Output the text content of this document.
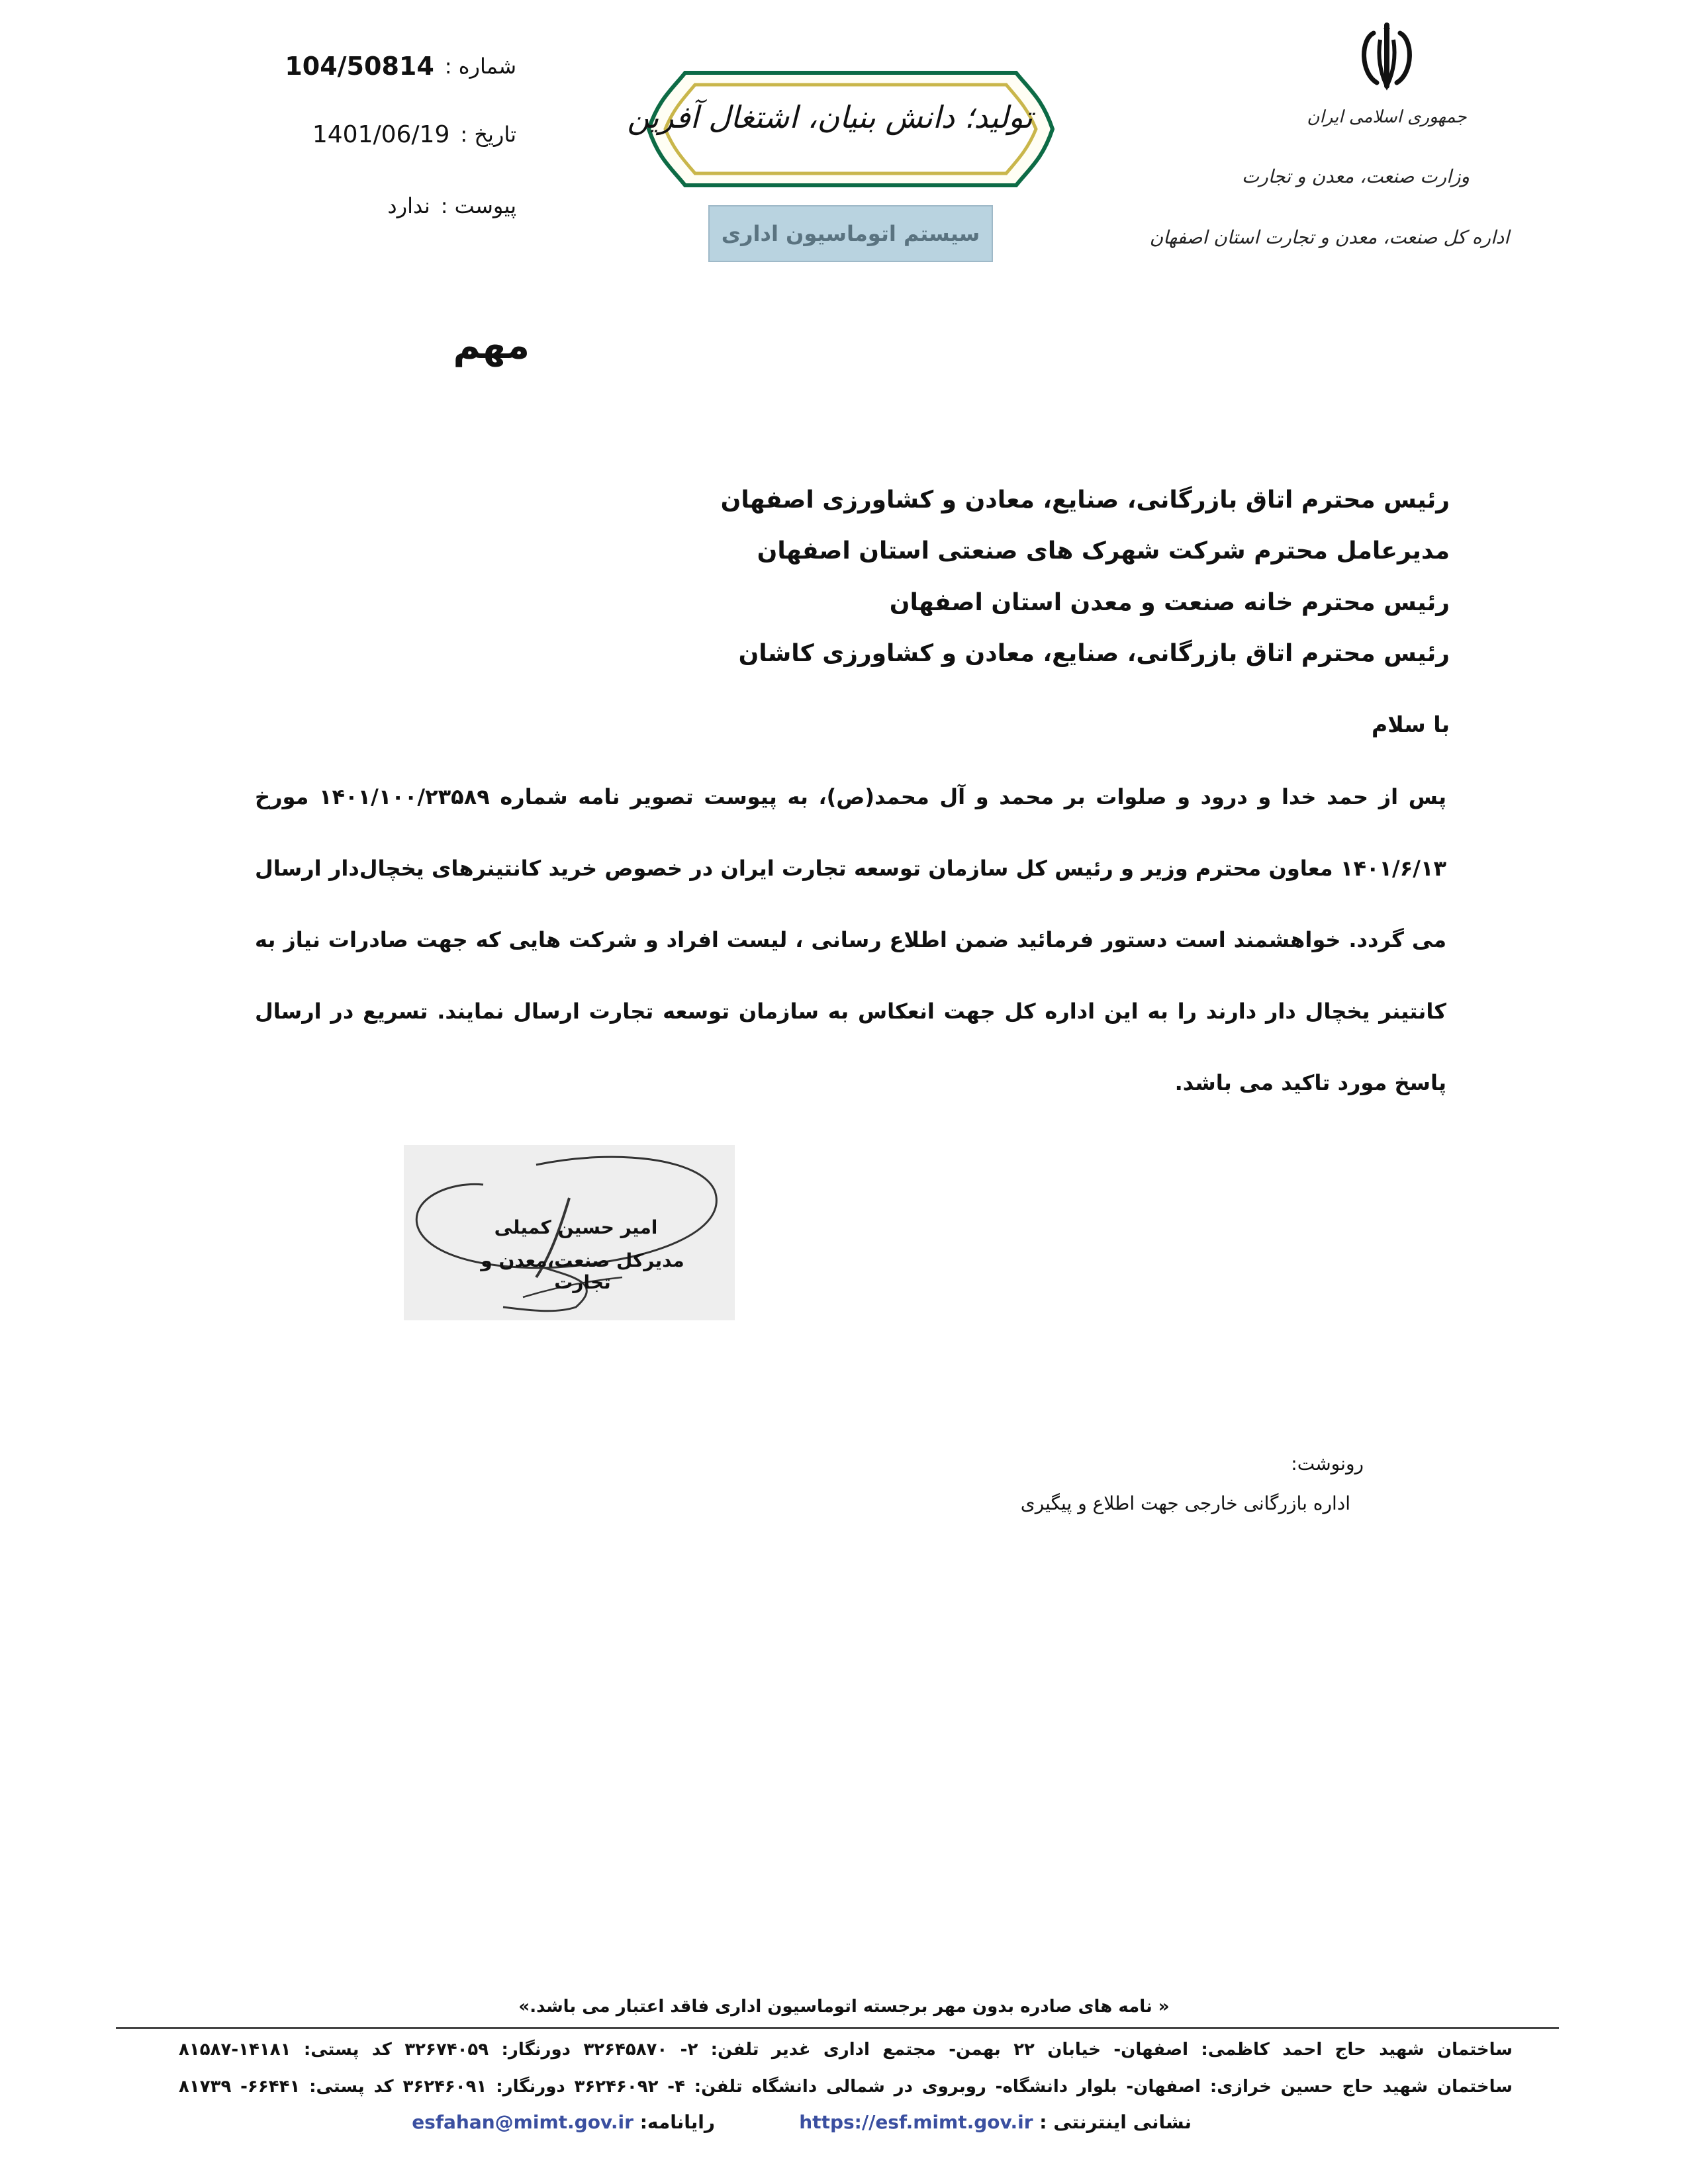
جمهوری اسلامی ایران
وزارت صنعت، معدن و تجارت
اداره کل صنعت، معدن و تجارت استان اصفهان
تولید؛ دانش بنیان، اشتغال آفرین
سیستم اتوماسیون اداری
شماره :
104/50814
تاریخ :
1401/06/19
پیوست :
ندارد
مهم
رئیس محترم اتاق بازرگانی، صنایع، معادن و کشاورزی اصفهان
مدیرعامل محترم شرکت شهرک های صنعتی استان اصفهان
رئیس محترم خانه صنعت و معدن استان اصفهان
رئیس محترم اتاق بازرگانی، صنایع، معادن و کشاورزی کاشان
با سلام
پس از حمد خدا و درود و صلوات بر محمد و آل محمد(ص)، به پیوست تصویر نامه شماره ۱۴۰۱/۱۰۰/۲۳۵۸۹ مورخ ۱۴۰۱/۶/۱۳ معاون محترم وزیر و رئیس کل سازمان توسعه تجارت ایران در خصوص خرید کانتینرهای یخچال‌دار ارسال می گردد. خواهشمند است دستور فرمائید ضمن اطلاع رسانی ، لیست افراد و شرکت هایی که جهت صادرات نیاز به کانتینر یخچال دار دارند را به این اداره کل جهت انعکاس به سازمان توسعه تجارت ارسال نمایند. تسریع در ارسال پاسخ مورد تاکید می باشد.
امیر حسین کمیلی
مدیرکل صنعت،معدن و تجارت
رونوشت:
اداره بازرگانی خارجی جهت اطلاع و پیگیری
« نامه های صادره بدون مهر برجسته اتوماسیون اداری فاقد اعتبار می باشد.»
ساختمان شهید حاج احمد کاظمی: اصفهان- خیابان ۲۲ بهمن- مجتمع اداری غدیر تلفن: ۲- ۳۲۶۴۵۸۷۰ دورنگار: ۳۲۶۷۴۰۵۹ کد پستی: ۱۴۱۸۱-۸۱۵۸۷
ساختمان شهید حاج حسین خرازی: اصفهان- بلوار دانشگاه- روبروی در شمالی دانشگاه تلفن: ۴- ۳۶۲۴۶۰۹۲ دورنگار: ۳۶۲۴۶۰۹۱ کد پستی: ۶۶۴۴۱- ۸۱۷۳۹
نشانی اینترنتی : https://esf.mimt.gov.ir
رایانامه: esfahan@mimt.gov.ir
